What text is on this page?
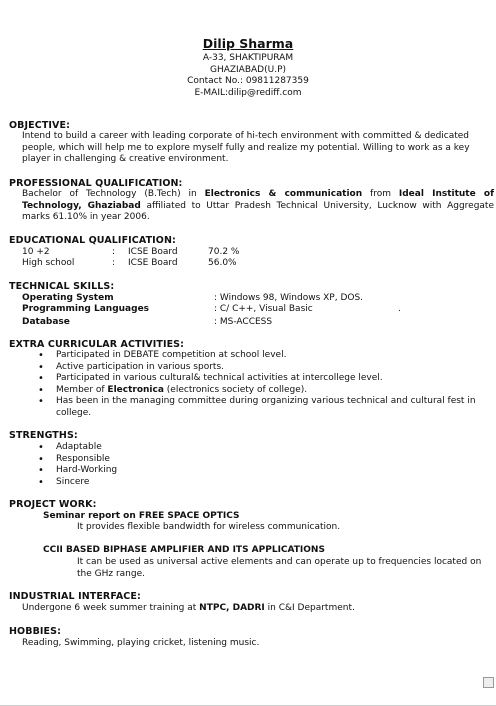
Dilip Sharma
A-33, SHAKTIPURAM
GHAZIABAD(U.P)
Contact No.: 09811287359
E-MAIL:dilip@rediff.com
OBJECTIVE:
Intend to build a career with leading corporate of hi-tech environment with committed & dedicated people, which will help me to explore myself fully and realize my potential. Willing to work as a key player in challenging & creative environment.
PROFESSIONAL QUALIFICATION:
Bachelor of Technology (B.Tech) in Electronics & communication from Ideal Institute of Technology, Ghaziabad affiliated to Uttar Pradesh Technical University, Lucknow with Aggregate marks 61.10% in year 2006.
EDUCATIONAL QUALIFICATION:
10 +2	: ICSE Board	70.2 %
High school	: ICSE Board	56.0%
TECHNICAL SKILLS:
Operating System	: Windows 98, Windows XP, DOS.
Programming Languages	: C/ C++, Visual Basic	.
Database	: MS-ACCESS
EXTRA CURRICULAR ACTIVITIES:
• Participated in DEBATE competition at school level.
• Active participation in various sports.
• Participated in various cultural& technical activities at intercollege level.
• Member of Electronica (electronics society of college).
• Has been in the managing committee during organizing various technical and cultural fest in college.
STRENGTHS:
• Adaptable
• Responsible
• Hard-Working
• Sincere
PROJECT WORK:
Seminar report on FREE SPACE OPTICS
It provides flexible bandwidth for wireless communication.
CCII BASED BIPHASE AMPLIFIER AND ITS APPLICATIONS
It can be used as universal active elements and can operate up to frequencies located on the GHz range.
INDUSTRIAL INTERFACE:
Undergone 6 week summer training at NTPC, DADRI in C&I Department.
HOBBIES:
Reading, Swimming, playing cricket, listening music.
